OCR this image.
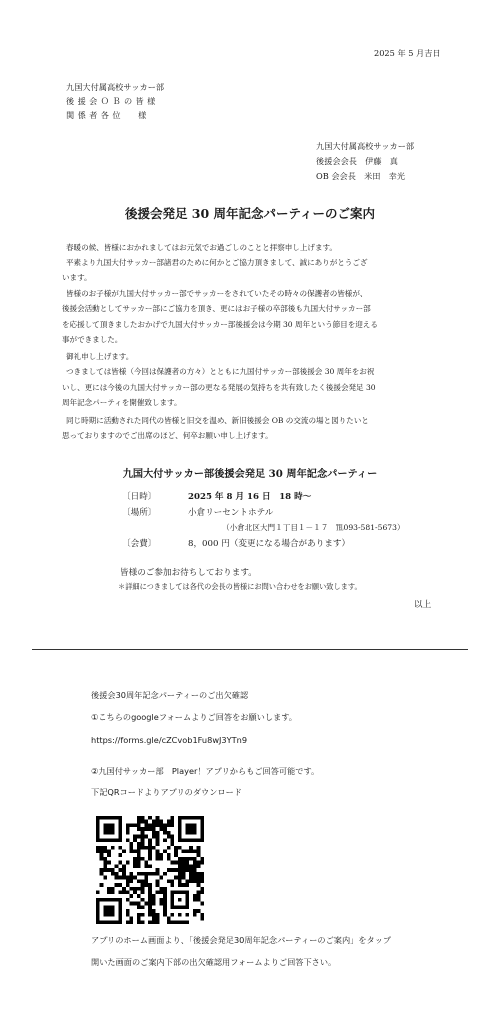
2025 年 5 月吉日
九国大付属高校サッカー部
後 援 会 Ｏ Ｂ の 皆 様
関 係 者 各 位　　様
九国大付属高校サッカー部
後援会会長　伊藤　真
OB 会会長　米田　幸光
後援会発足 30 周年記念パーティーのご案内
春暖の候、皆様におかれましてはお元気でお過ごしのことと拝察申し上げます。
平素より九国大付サッカー部諸君のために何かとご協力頂きまして、誠にありがとうござ
います。
皆様のお子様が九国大付サッカー部でサッカーをされていたその時々の保護者の皆様が、
後援会活動としてサッカー部にご協力を頂き、更にはお子様の卒部後も九国大付サッカー部
を応援して頂きましたおかげで九国大付サッカー部後援会は今期 30 周年という節目を迎える
事ができました。
御礼申し上げます。
つきましては皆様（今回は保護者の方々）とともに九国付サッカー部後援会 30 周年をお祝
いし、更には今後の九国大付サッカー部の更なる発展の気持ちを共有致したく後援会発足 30
周年記念パーティを開催致します。
同じ時期に活動された同代の皆様と旧交を温め、新旧後援会 OB の交流の場と図りたいと
思っておりますのでご出席のほど、何卒お願い申し上げます。
九国大付サッカー部後援会発足 30 周年記念パーティー
〔日時〕	2025 年 8 月 16 日　18 時～
〔場所〕	小倉リーセントホテル
（小倉北区大門１丁目１－１７　℡093-581-5673）
〔会費〕	8，000 円（変更になる場合があります）
皆様のご参加お待ちしております。
＊詳細につきましては各代の会長の皆様にお問い合わせをお願い致します。
以上
後援会30周年記念パーティーのご出欠確認
①こちらのgoogleフォームよりご回答をお願いします。
https://forms.gle/cZCvob1Fu8wJ3YTn9
②九国付サッカー部　Player！アプリからもご回答可能です。
下記QRコードよりアプリのダウンロード
アプリのホーム画面より、「後援会発足30周年記念パーティーのご案内」をタップ
開いた画面のご案内下部の出欠確認用フォームよりご回答下さい。
